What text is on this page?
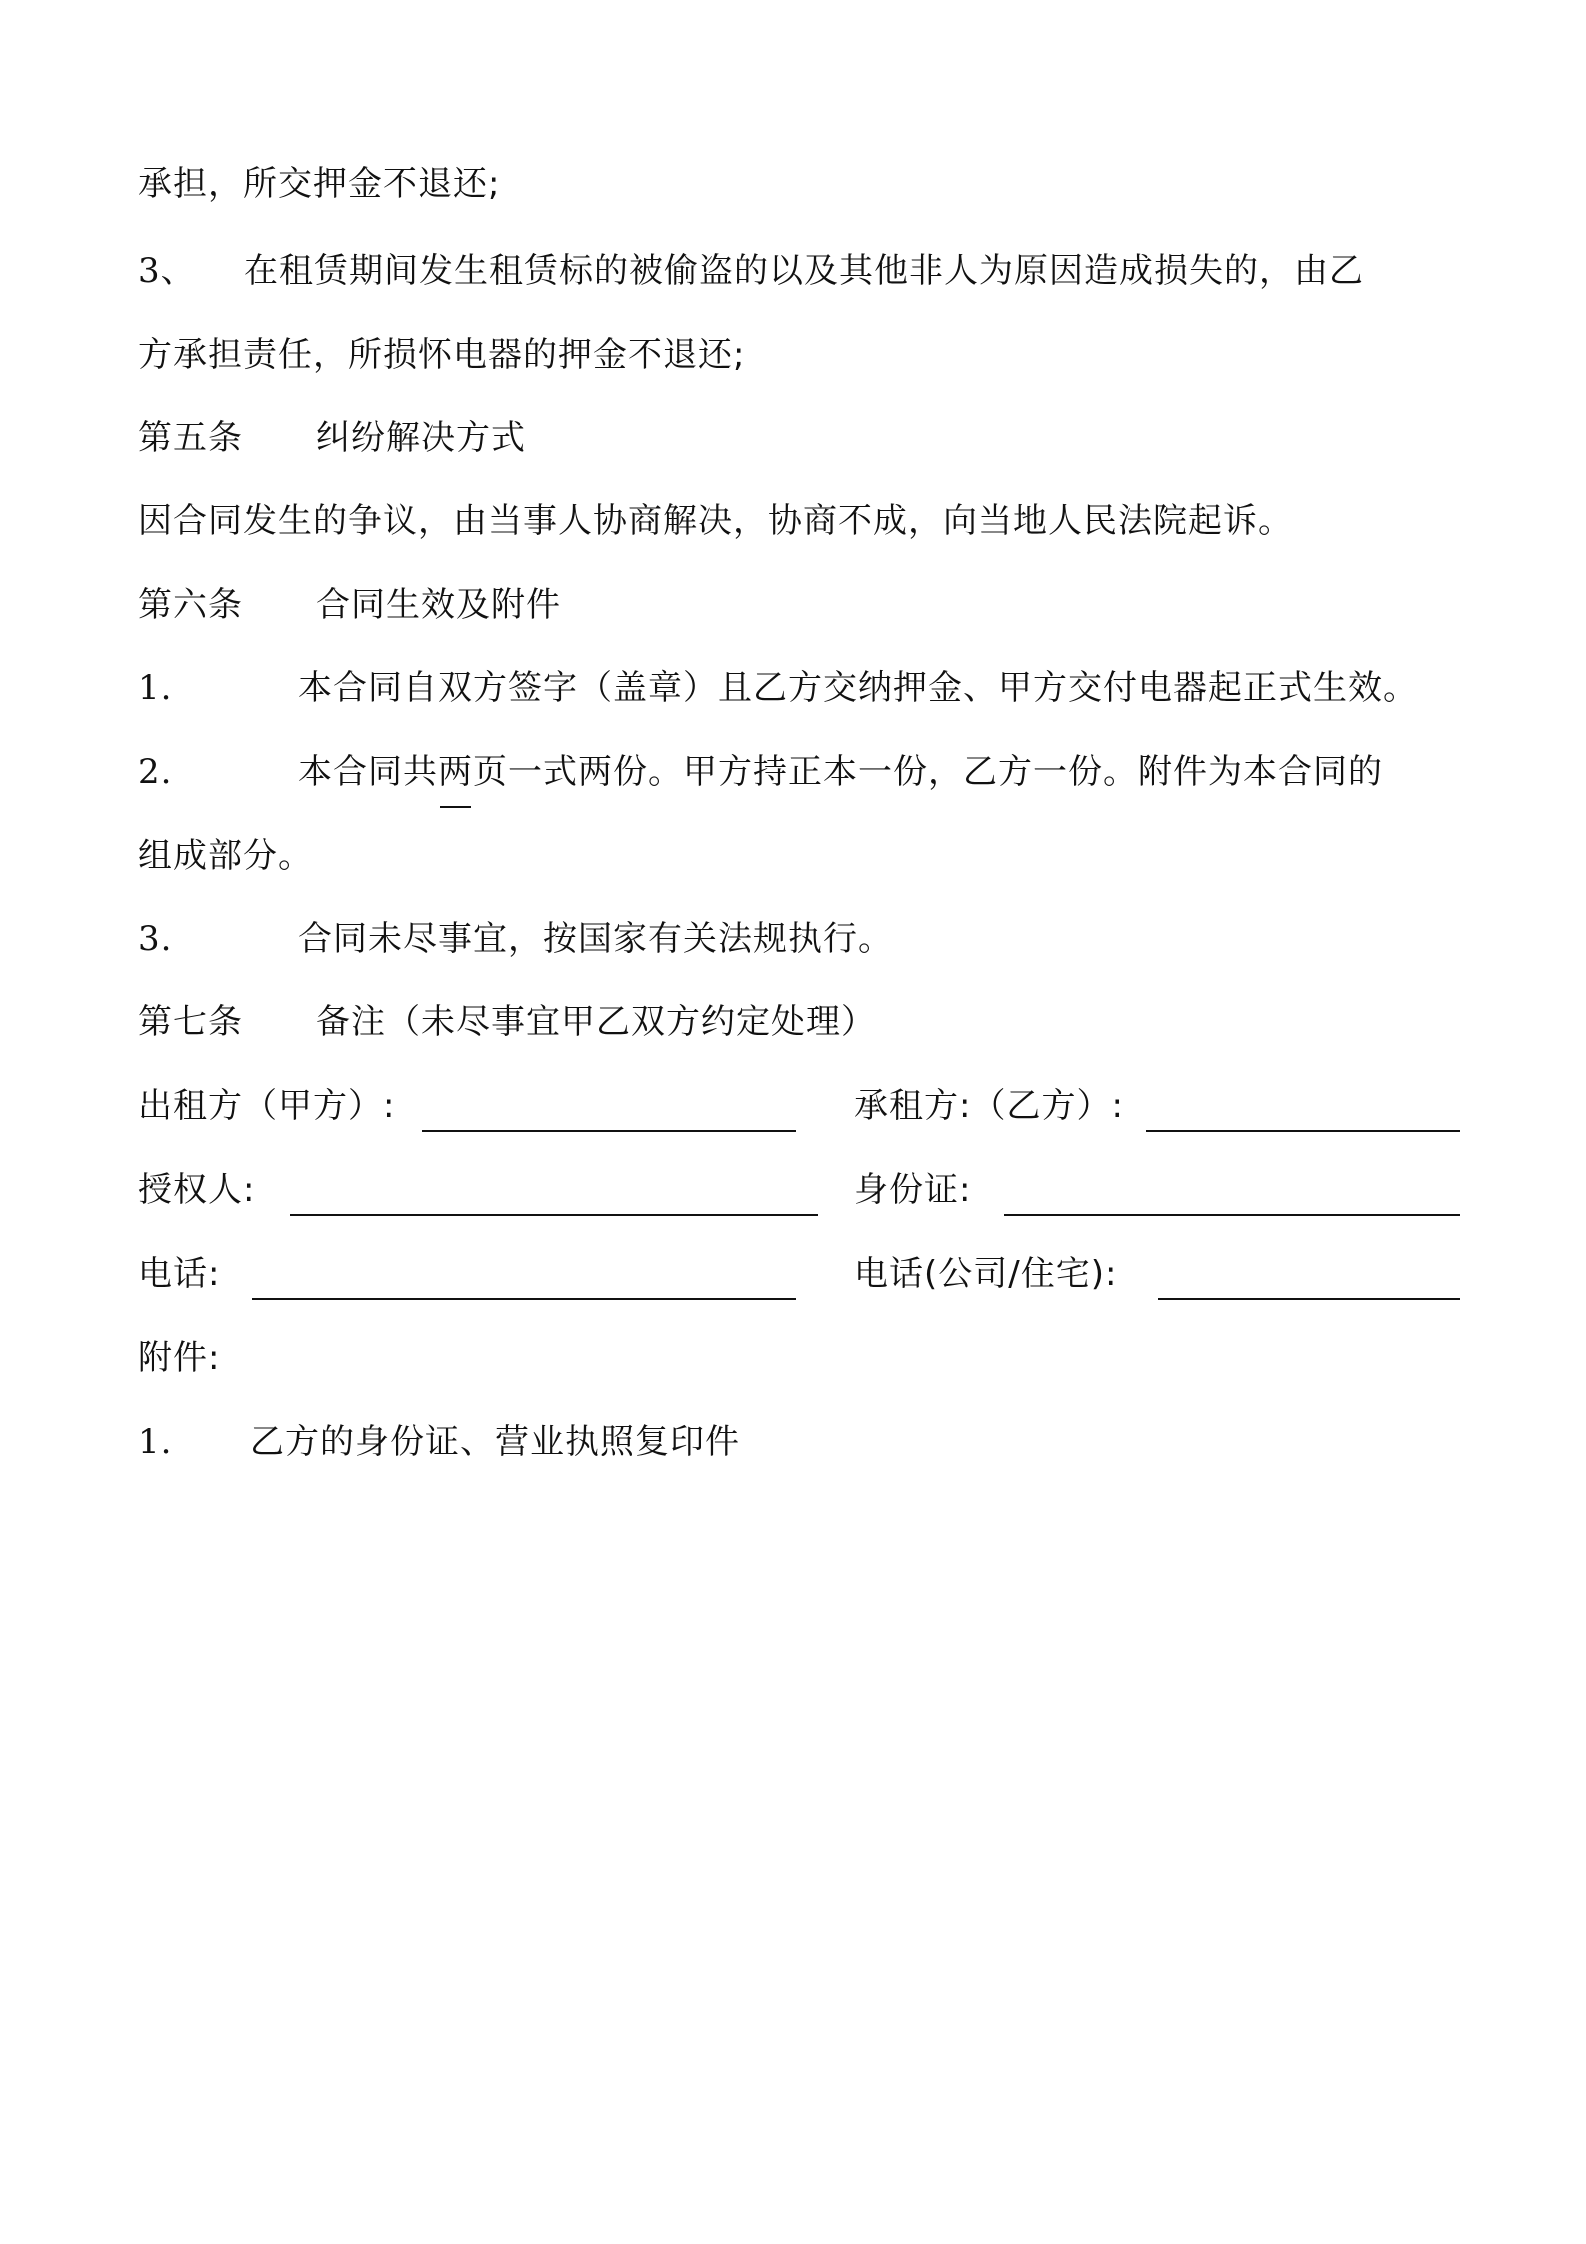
承担，所交押金不退还;
3、 在租赁期间发生租赁标的被偷盗的以及其他非人为原因造成损失的，由乙
方承担责任，所损怀电器的押金不退还;
第五条 纠纷解决方式
因合同发生的争议，由当事人协商解决，协商不成，向当地人民法院起诉。
第六条 合同生效及附件
1.	本合同自双方签字（盖章）且乙方交纳押金、甲方交付电器起正式生效。
2.	本合同共两页一式两份。甲方持正本一份，乙方一份。附件为本合同的
组成部分。
3.	合同未尽事宜，按国家有关法规执行。
第七条 备注（未尽事宜甲乙双方约定处理）
出租方（甲方）:	承租方:（乙方）:
授权人:	身份证:
电话:	电话(公司/住宅):
附件:
1. 乙方的身份证、营业执照复印件
